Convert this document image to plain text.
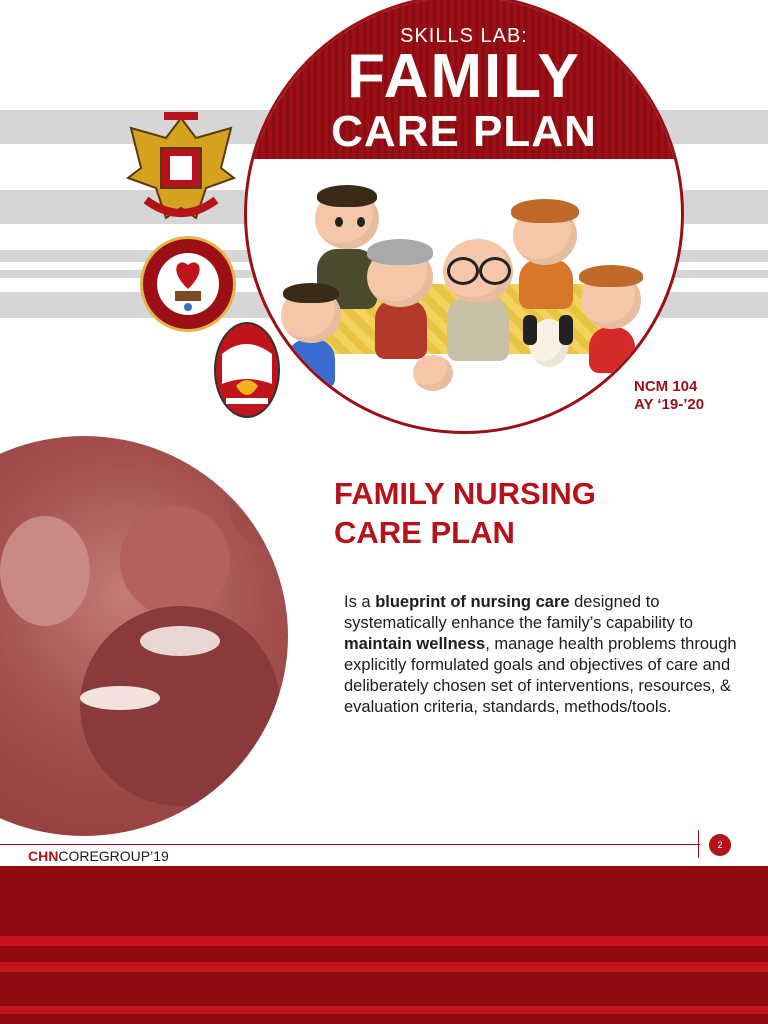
SKILLS LAB:
FAMILY
CARE PLAN
NCM 104
AY ‘19-’20
FAMILY NURSING
CARE PLAN
Is a blueprint of nursing care designed to systematically enhance the family’s capability to maintain wellness, manage health problems through explicitly formulated goals and objectives of care and deliberately chosen set of interventions, resources, & evaluation criteria, standards, methods/tools.
CHNCOREGROUP’19
2
